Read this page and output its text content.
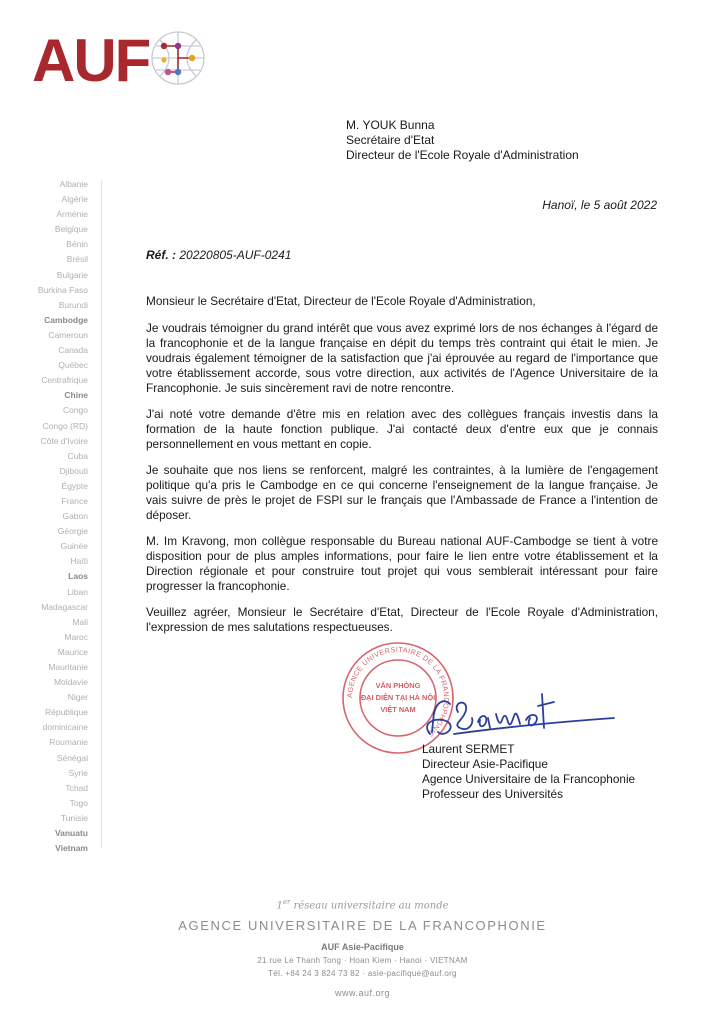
AUF
M. YOUK Bunna
Secrétaire d'Etat
Directeur de l'Ecole Royale d'Administration
Albanie
Algérie
Arménie
Belgique
Bénin
Brésil
Bulgarie
Burkina Faso
Burundi
Cambodge
Cameroun
Canada
Québec
Centrafrique
Chine
Congo
Congo (RD)
Côte d'Ivoire
Cuba
Djibouti
Égypte
France
Gabon
Géorgie
Guinée
Haïti
Laos
Liban
Madagascar
Mali
Maroc
Maurice
Mauritanie
Moldavie
Niger
République
dominicaine
Roumanie
Sénégal
Syrie
Tchad
Togo
Tunisie
Vanuatu
Vietnam
Hanoï, le 5 août 2022
Réf. : 20220805-AUF-0241

Monsieur le Secrétaire d'Etat, Directeur de l'Ecole Royale d'Administration,

Je voudrais témoigner du grand intérêt que vous avez exprimé lors de nos échanges à l'égard de la francophonie et de la langue française en dépit du temps très contraint qui était le mien. Je voudrais également témoigner de la satisfaction que j'ai éprouvée au regard de l'importance que votre établissement accorde, sous votre direction, aux activités de l'Agence Universitaire de la Francophonie. Je suis sincèrement ravi de notre rencontre.

J'ai noté votre demande d'être mis en relation avec des collègues français investis dans la formation de la haute fonction publique. J'ai contacté deux d'entre eux que je connais personnellement en vous mettant en copie.

Je souhaite que nos liens se renforcent, malgré les contraintes, à la lumière de l'engagement politique qu'a pris le Cambodge en ce qui concerne l'enseignement de la langue française. Je vais suivre de près le projet de FSPI sur le français que l'Ambassade de France a l'intention de déposer.

M. Im Kravong, mon collègue responsable du Bureau national AUF-Cambodge se tient à votre disposition pour de plus amples informations, pour faire le lien entre votre établissement et la Direction régionale et pour construire tout projet qui vous semblerait intéressant pour faire progresser la francophonie.

Veuillez agréer, Monsieur le Secrétaire d'Etat, Directeur de l'Ecole Royale d'Administration, l'expression de mes salutations respectueuses.

AGENCE UNIVERSITAIRE DE LA FRANCOPHONIE
VĂN PHÒNG
ĐẠI DIỆN TẠI HÀ NỘI
VIỆT NAM
Laurent SERMET
Directeur Asie-Pacifique
Agence Universitaire de la Francophonie
Professeur des Universités
1er réseau universitaire au monde
AGENCE UNIVERSITAIRE DE LA FRANCOPHONIE
AUF Asie-Pacifique
21 rue Le Thanh Tong · Hoan Kiem · Hanoi · VIETNAM
Tél. +84 24 3 824 73 82 · asie-pacifique@auf.org
www.auf.org
